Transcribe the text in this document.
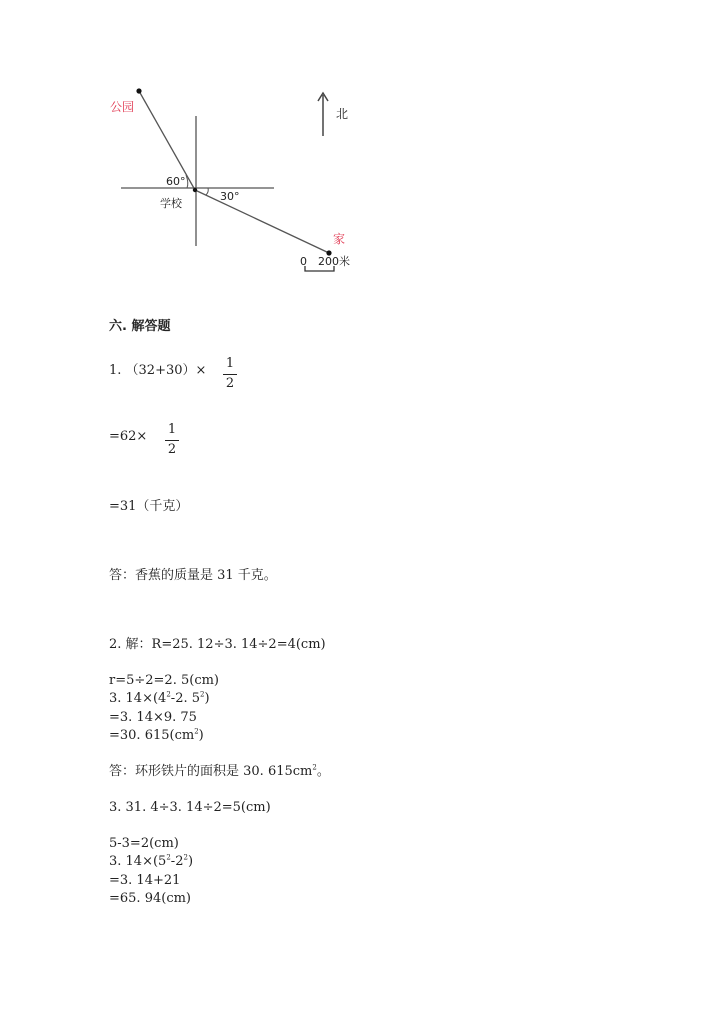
公园
学校
家
北
60°
30°
0 200米
六. 解答题
1. （32+30）× 1
2
=62× 1
2
=31（千克）
答：香蕉的质量是 31 千克。
2. 解：R=25. 12÷3. 14÷2=4(cm)
r=5÷2=2. 5(cm)
3. $14\times(4^2-2$. $5^2$)
=3. 14×9. 75
=30. $615(cm^2)$
答：环形铁片的面积是 30. $615cm^2$。
3. 31. 4÷3. 14÷2=5(cm)
5-3=2(cm)
3. $14\times(5^2-2^2)$
=3. 14+21
=65. 94(cm)
